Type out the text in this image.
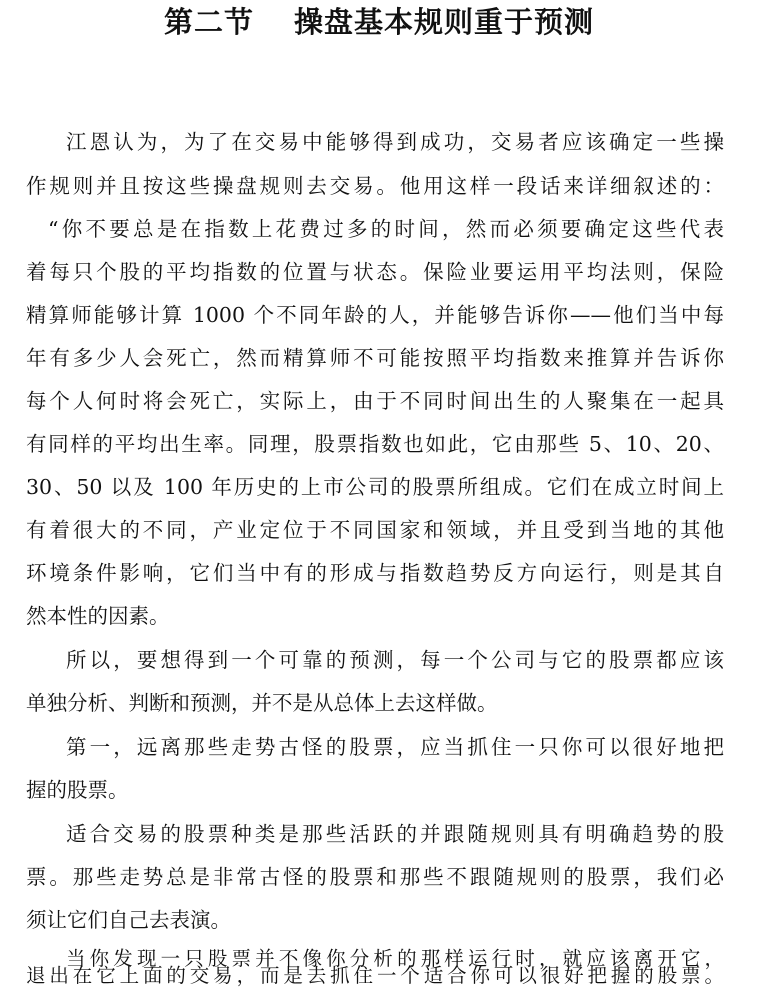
第二节 操盘基本规则重于预测
江恩认为，为了在交易中能够得到成功，交易者应该确定一些操
作规则并且按这些操盘规则去交易。他用这样一段话来详细叙述的：
“你不要总是在指数上花费过多的时间，然而必须要确定这些代表
着每只个股的平均指数的位置与状态。保险业要运用平均法则，保险
精算师能够计算 1000 个不同年龄的人，并能够告诉你——他们当中每
年有多少人会死亡，然而精算师不可能按照平均指数来推算并告诉你
每个人何时将会死亡，实际上，由于不同时间出生的人聚集在一起具
有同样的平均出生率。同理，股票指数也如此，它由那些 5、10、20、
30、50 以及 100 年历史的上市公司的股票所组成。它们在成立时间上
有着很大的不同，产业定位于不同国家和领域，并且受到当地的其他
环境条件影响，它们当中有的形成与指数趋势反方向运行，则是其自
然本性的因素。
所以，要想得到一个可靠的预测，每一个公司与它的股票都应该
单独分析、判断和预测，并不是从总体上去这样做。
第一，远离那些走势古怪的股票，应当抓住一只你可以很好地把
握的股票。
适合交易的股票种类是那些活跃的并跟随规则具有明确趋势的股
票。那些走势总是非常古怪的股票和那些不跟随规则的股票，我们必
须让它们自己去表演。
当你发现一只股票并不像你分析的那样运行时，就应该离开它，
退出在它上面的交易，而是去抓住一个适合你可以很好把握的股票。
